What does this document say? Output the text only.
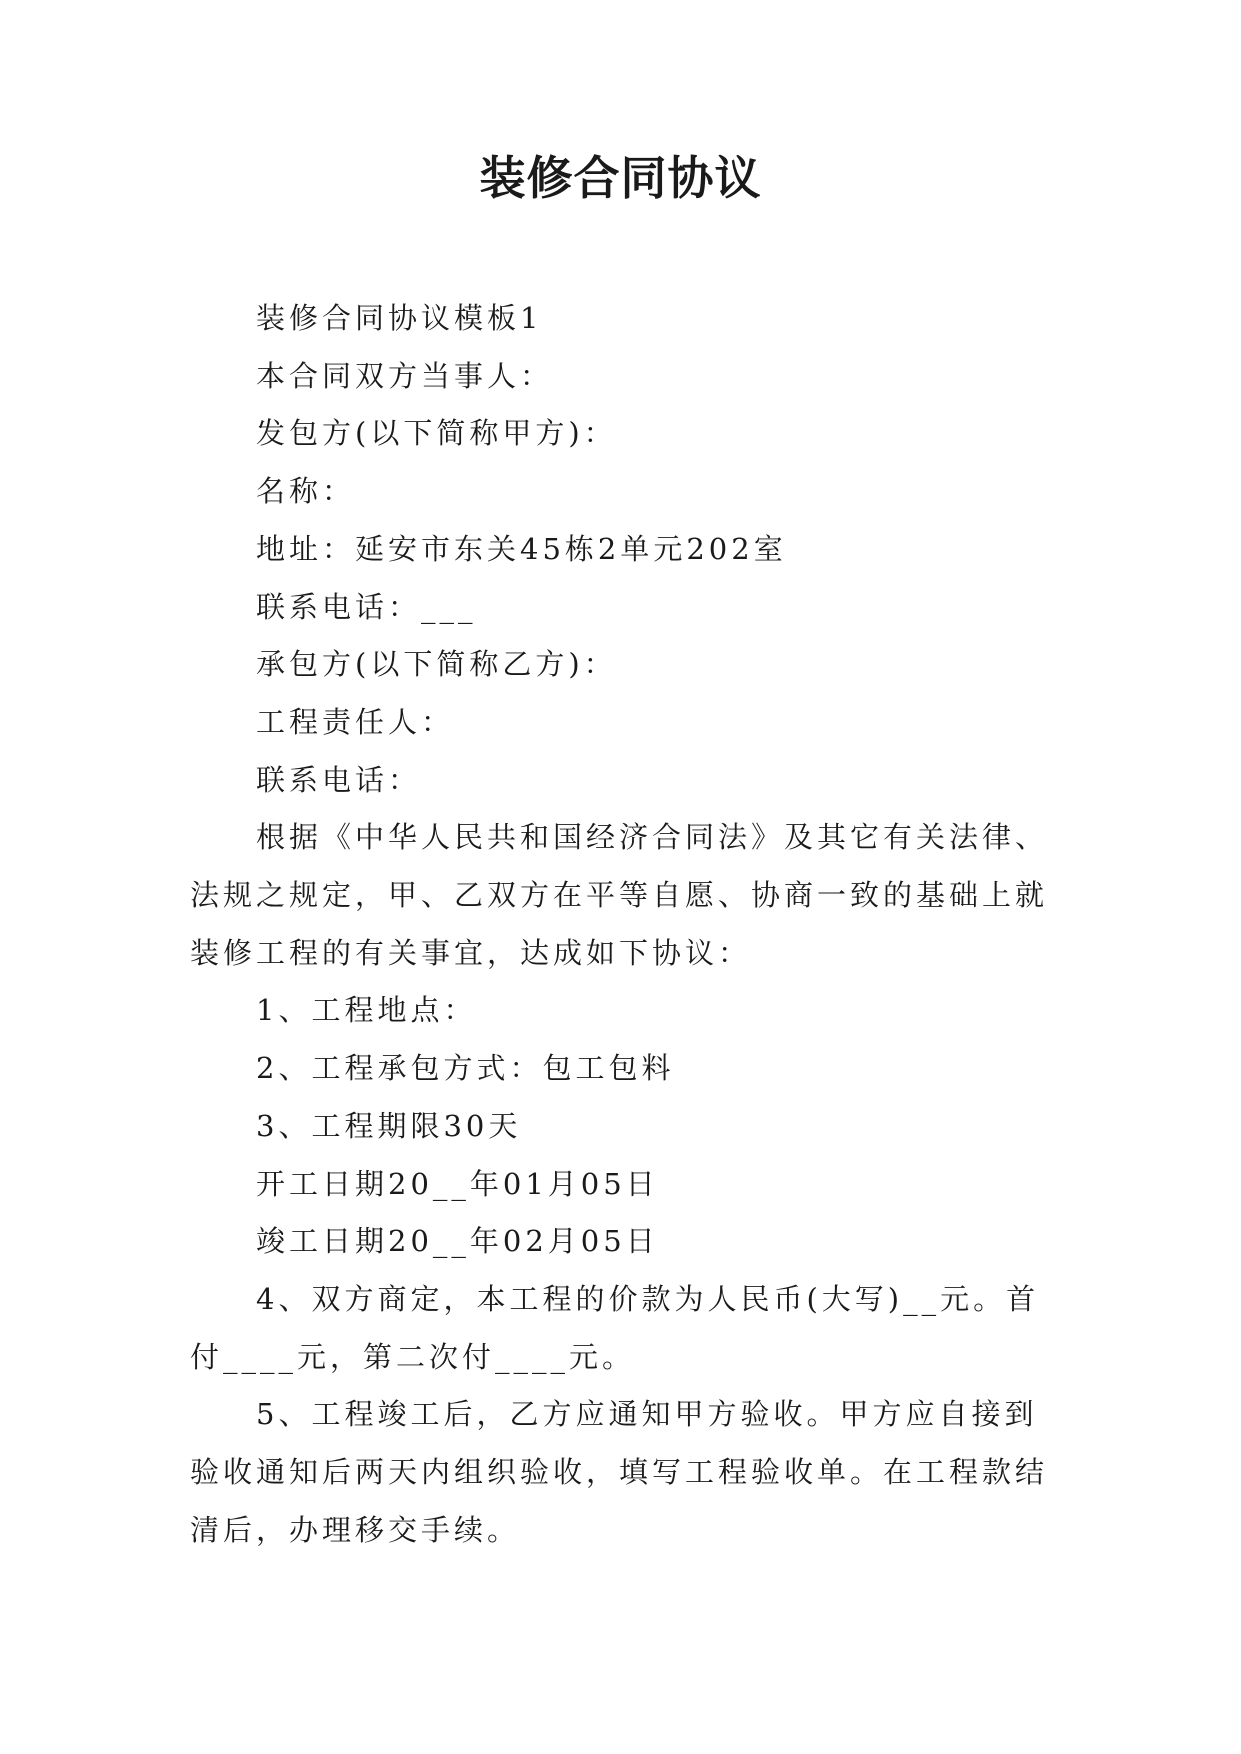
装修合同协议

装修合同协议模板1

本合同双方当事人：

发包方(以下简称甲方)：

名称：

地址：延安市东关45栋2单元202室

联系电话：___

承包方(以下简称乙方)：

工程责任人：

联系电话：

根据《中华人民共和国经济合同法》及其它有关法律、法规之规定，甲、乙双方在平等自愿、协商一致的基础上就装修工程的有关事宜，达成如下协议：

1、工程地点：

2、工程承包方式：包工包料

3、工程期限30天

开工日期20__年01月05日

竣工日期20__年02月05日

4、双方商定，本工程的价款为人民币(大写)__元。首付____元，第二次付____元。

5、工程竣工后，乙方应通知甲方验收。甲方应自接到验收通知后两天内组织验收，填写工程验收单。在工程款结清后，办理移交手续。
